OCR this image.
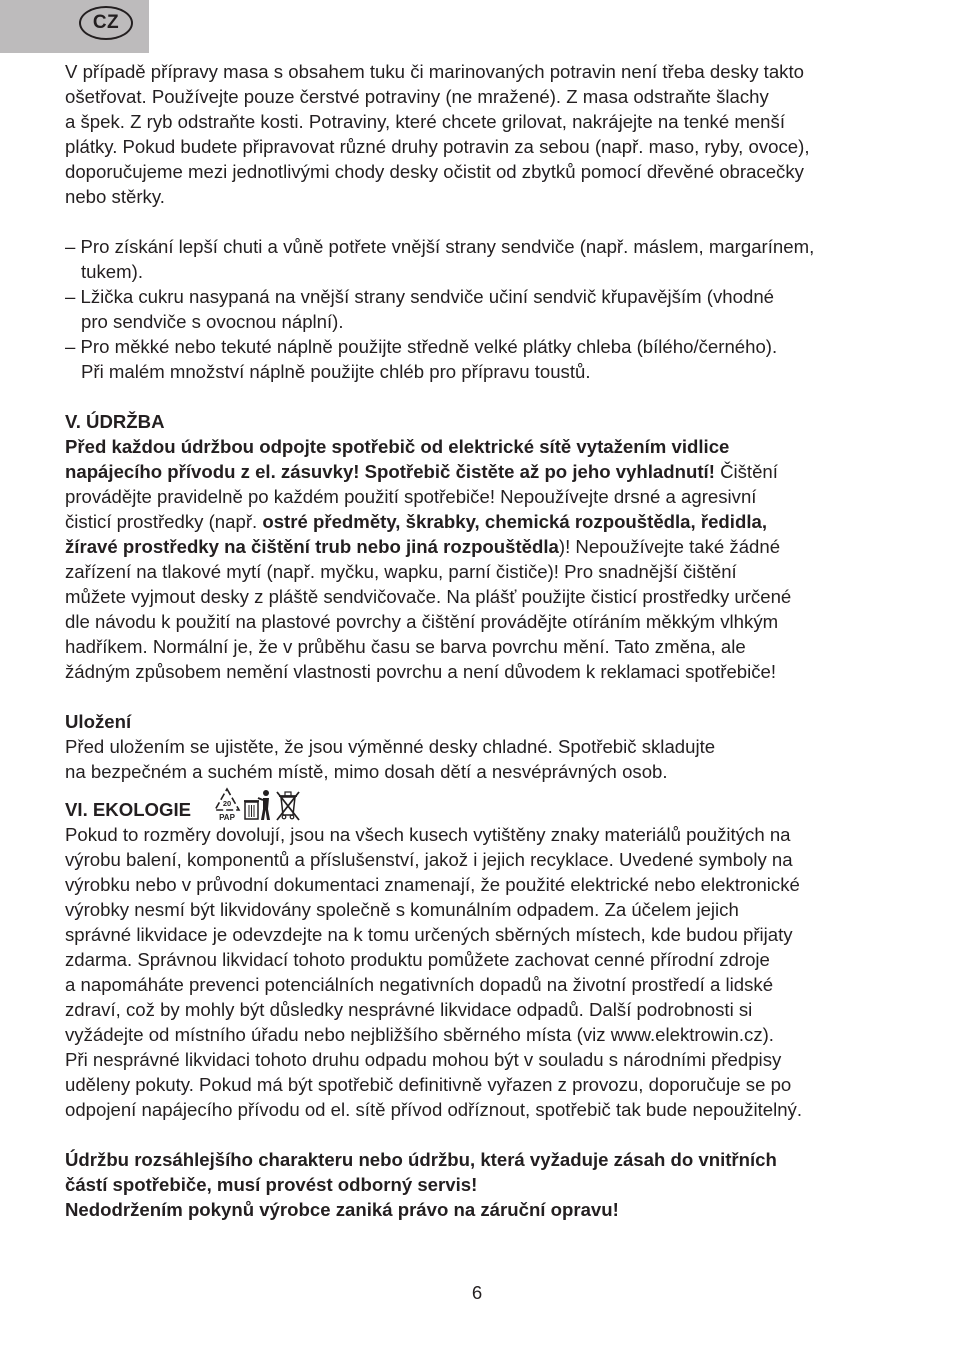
CZ

V případě přípravy masa s obsahem tuku či marinovaných potravin není třeba desky takto

ošetřovat. Používejte pouze čerstvé potraviny (ne mražené). Z masa odstraňte šlachy

a špek. Z ryb odstraňte kosti. Potraviny, které chcete grilovat, nakrájejte na tenké menší

plátky. Pokud budete připravovat různé druhy potravin za sebou (např. maso, ryby, ovoce),

doporučujeme mezi jednotlivými chody desky očistit od zbytků pomocí dřevěné obracečky

nebo stěrky.

– Pro získání lepší chuti a vůně potřete vnější strany sendviče (např. máslem, margarínem,
tukem).

– Lžička cukru nasypaná na vnější strany sendviče učiní sendvič křupavějším (vhodné
pro sendviče s ovocnou náplní).

– Pro měkké nebo tekuté náplně použijte středně velké plátky chleba (bílého/černého).
Při malém množství náplně použijte chléb pro přípravu toustů.

V. ÚDRŽBA

Před každou údržbou odpojte spotřebič od elektrické sítě vytažením vidlice

napájecího přívodu z el. zásuvky! Spotřebič čistěte až po jeho vyhladnutí! Čištění

provádějte pravidelně po každém použití spotřebiče! Nepoužívejte drsné a agresivní

čisticí prostředky (např. ostré předměty, škrabky, chemická rozpouštědla, ředidla,

žíravé prostředky na čištění trub nebo jiná rozpouštědla)! Nepoužívejte také žádné

zařízení na tlakové mytí (např. myčku, wapku, parní čističe)! Pro snadnější čištění

můžete vyjmout desky z pláště sendvičovače. Na plášť použijte čisticí prostředky určené

dle návodu k použití na plastové povrchy a čištění provádějte otíráním měkkým vlhkým

hadříkem. Normální je, že v průběhu času se barva povrchu mění. Tato změna, ale

žádným způsobem nemění vlastnosti povrchu a není důvodem k reklamaci spotřebiče!

Uložení

Před uložením se ujistěte, že jsou výměnné desky chladné. Spotřebič skladujte

na bezpečném a suchém místě, mimo dosah dětí a nesvéprávných osob.

VI. EKOLOGIE	20
PAP

Pokud to rozměry dovolují, jsou na všech kusech vytištěny znaky materiálů použitých na

výrobu balení, komponentů a příslušenství, jakož i jejich recyklace. Uvedené symboly na

výrobku nebo v průvodní dokumentaci znamenají, že použité elektrické nebo elektronické

výrobky nesmí být likvidovány společně s komunálním odpadem. Za účelem jejich

správné likvidace je odevzdejte na k tomu určených sběrných místech, kde budou přijaty

zdarma. Správnou likvidací tohoto produktu pomůžete zachovat cenné přírodní zdroje

a napomáháte prevenci potenciálních negativních dopadů na životní prostředí a lidské

zdraví, což by mohly být důsledky nesprávné likvidace odpadů. Další podrobnosti si

vyžádejte od místního úřadu nebo nejbližšího sběrného místa (viz www.elektrowin.cz).

Při nesprávné likvidaci tohoto druhu odpadu mohou být v souladu s národními předpisy

uděleny pokuty. Pokud má být spotřebič definitivně vyřazen z provozu, doporučuje se po

odpojení napájecího přívodu od el. sítě přívod odříznout, spotřebič tak bude nepoužitelný.

Údržbu rozsáhlejšího charakteru nebo údržbu, která vyžaduje zásah do vnitřních

částí spotřebiče, musí provést odborný servis!

Nedodržením pokynů výrobce zaniká právo na záruční opravu!

6
